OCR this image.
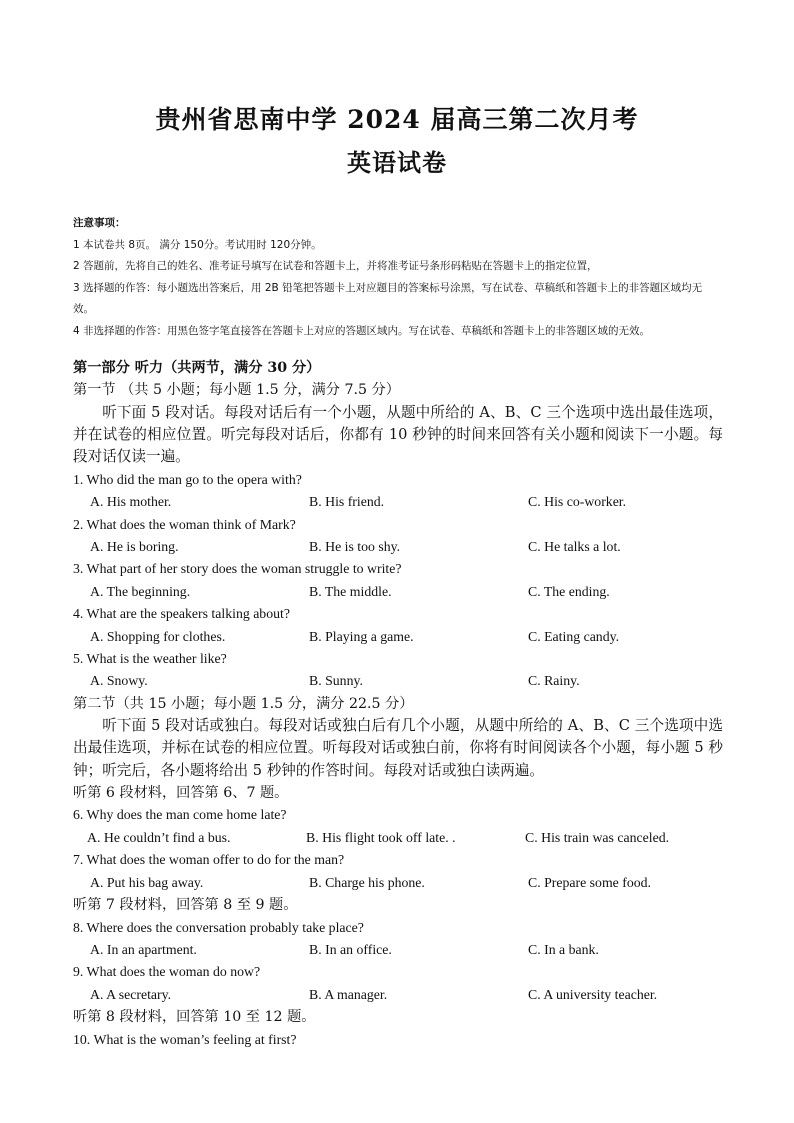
贵州省思南中学 2024 届高三第二次月考
英语试卷

注意事项：

1 本试卷共 8页。 满分 150分。考试用时 120分钟。

2 答题前，先将自己的姓名、准考证号填写在试卷和答题卡上，并将准考证号条形码粘贴在答题卡上的指定位置，

3 选择题的作答：每小题选出答案后，用 2B 铅笔把答题卡上对应题目的答案标号涂黑，写在试卷、草稿纸和答题卡上的非答题区域均无效。

4 非选择题的作答：用黑色签字笔直接答在答题卡上对应的答题区域内。写在试卷、草稿纸和答题卡上的非答题区域的无效。

第一部分 听力（共两节，满分 30 分）

第一节 （共 5 小题；每小题 1.5 分，满分 7.5 分）

听下面 5 段对话。每段对话后有一个小题，从题中所给的 A、B、C 三个选项中选出最佳选项，并在试卷的相应位置。听完每段对话后，你都有 10 秒钟的时间来回答有关小题和阅读下一小题。每段对话仅读一遍。

1. Who did the man go to the opera with?

A. His mother.	B. His friend.	C. His co-worker.

2. What does the woman think of Mark?

A. He is boring.	B. He is too shy.	C. He talks a lot.

3. What part of her story does the woman struggle to write?

A. The beginning.	B. The middle.	C. The ending.

4. What are the speakers talking about?

A. Shopping for clothes.	B. Playing a game.	C. Eating candy.

5. What is the weather like?

A. Snowy.	B. Sunny.	C. Rainy.

第二节（共 15 小题；每小题 1.5 分，满分 22.5 分）

听下面 5 段对话或独白。每段对话或独白后有几个小题，从题中所给的 A、B、C 三个选项中选出最佳选项，并标在试卷的相应位置。听每段对话或独白前，你将有时间阅读各个小题，每小题 5 秒钟；听完后，各小题将给出 5 秒钟的作答时间。每段对话或独白读两遍。

听第 6 段材料，回答第 6、7 题。

6. Why does the man come home late?

A. He couldn’t find a bus.	B. His flight took off late. .	C. His train was canceled.

7. What does the woman offer to do for the man?

A. Put his bag away.	B. Charge his phone.	C. Prepare some food.

听第 7 段材料，回答第 8 至 9 题。

8. Where does the conversation probably take place?

A. In an apartment.	B. In an office.	C. In a bank.

9. What does the woman do now?

A. A secretary.	B. A manager.	C. A university teacher.

听第 8 段材料，回答第 10 至 12 题。

10. What is the woman’s feeling at first?
